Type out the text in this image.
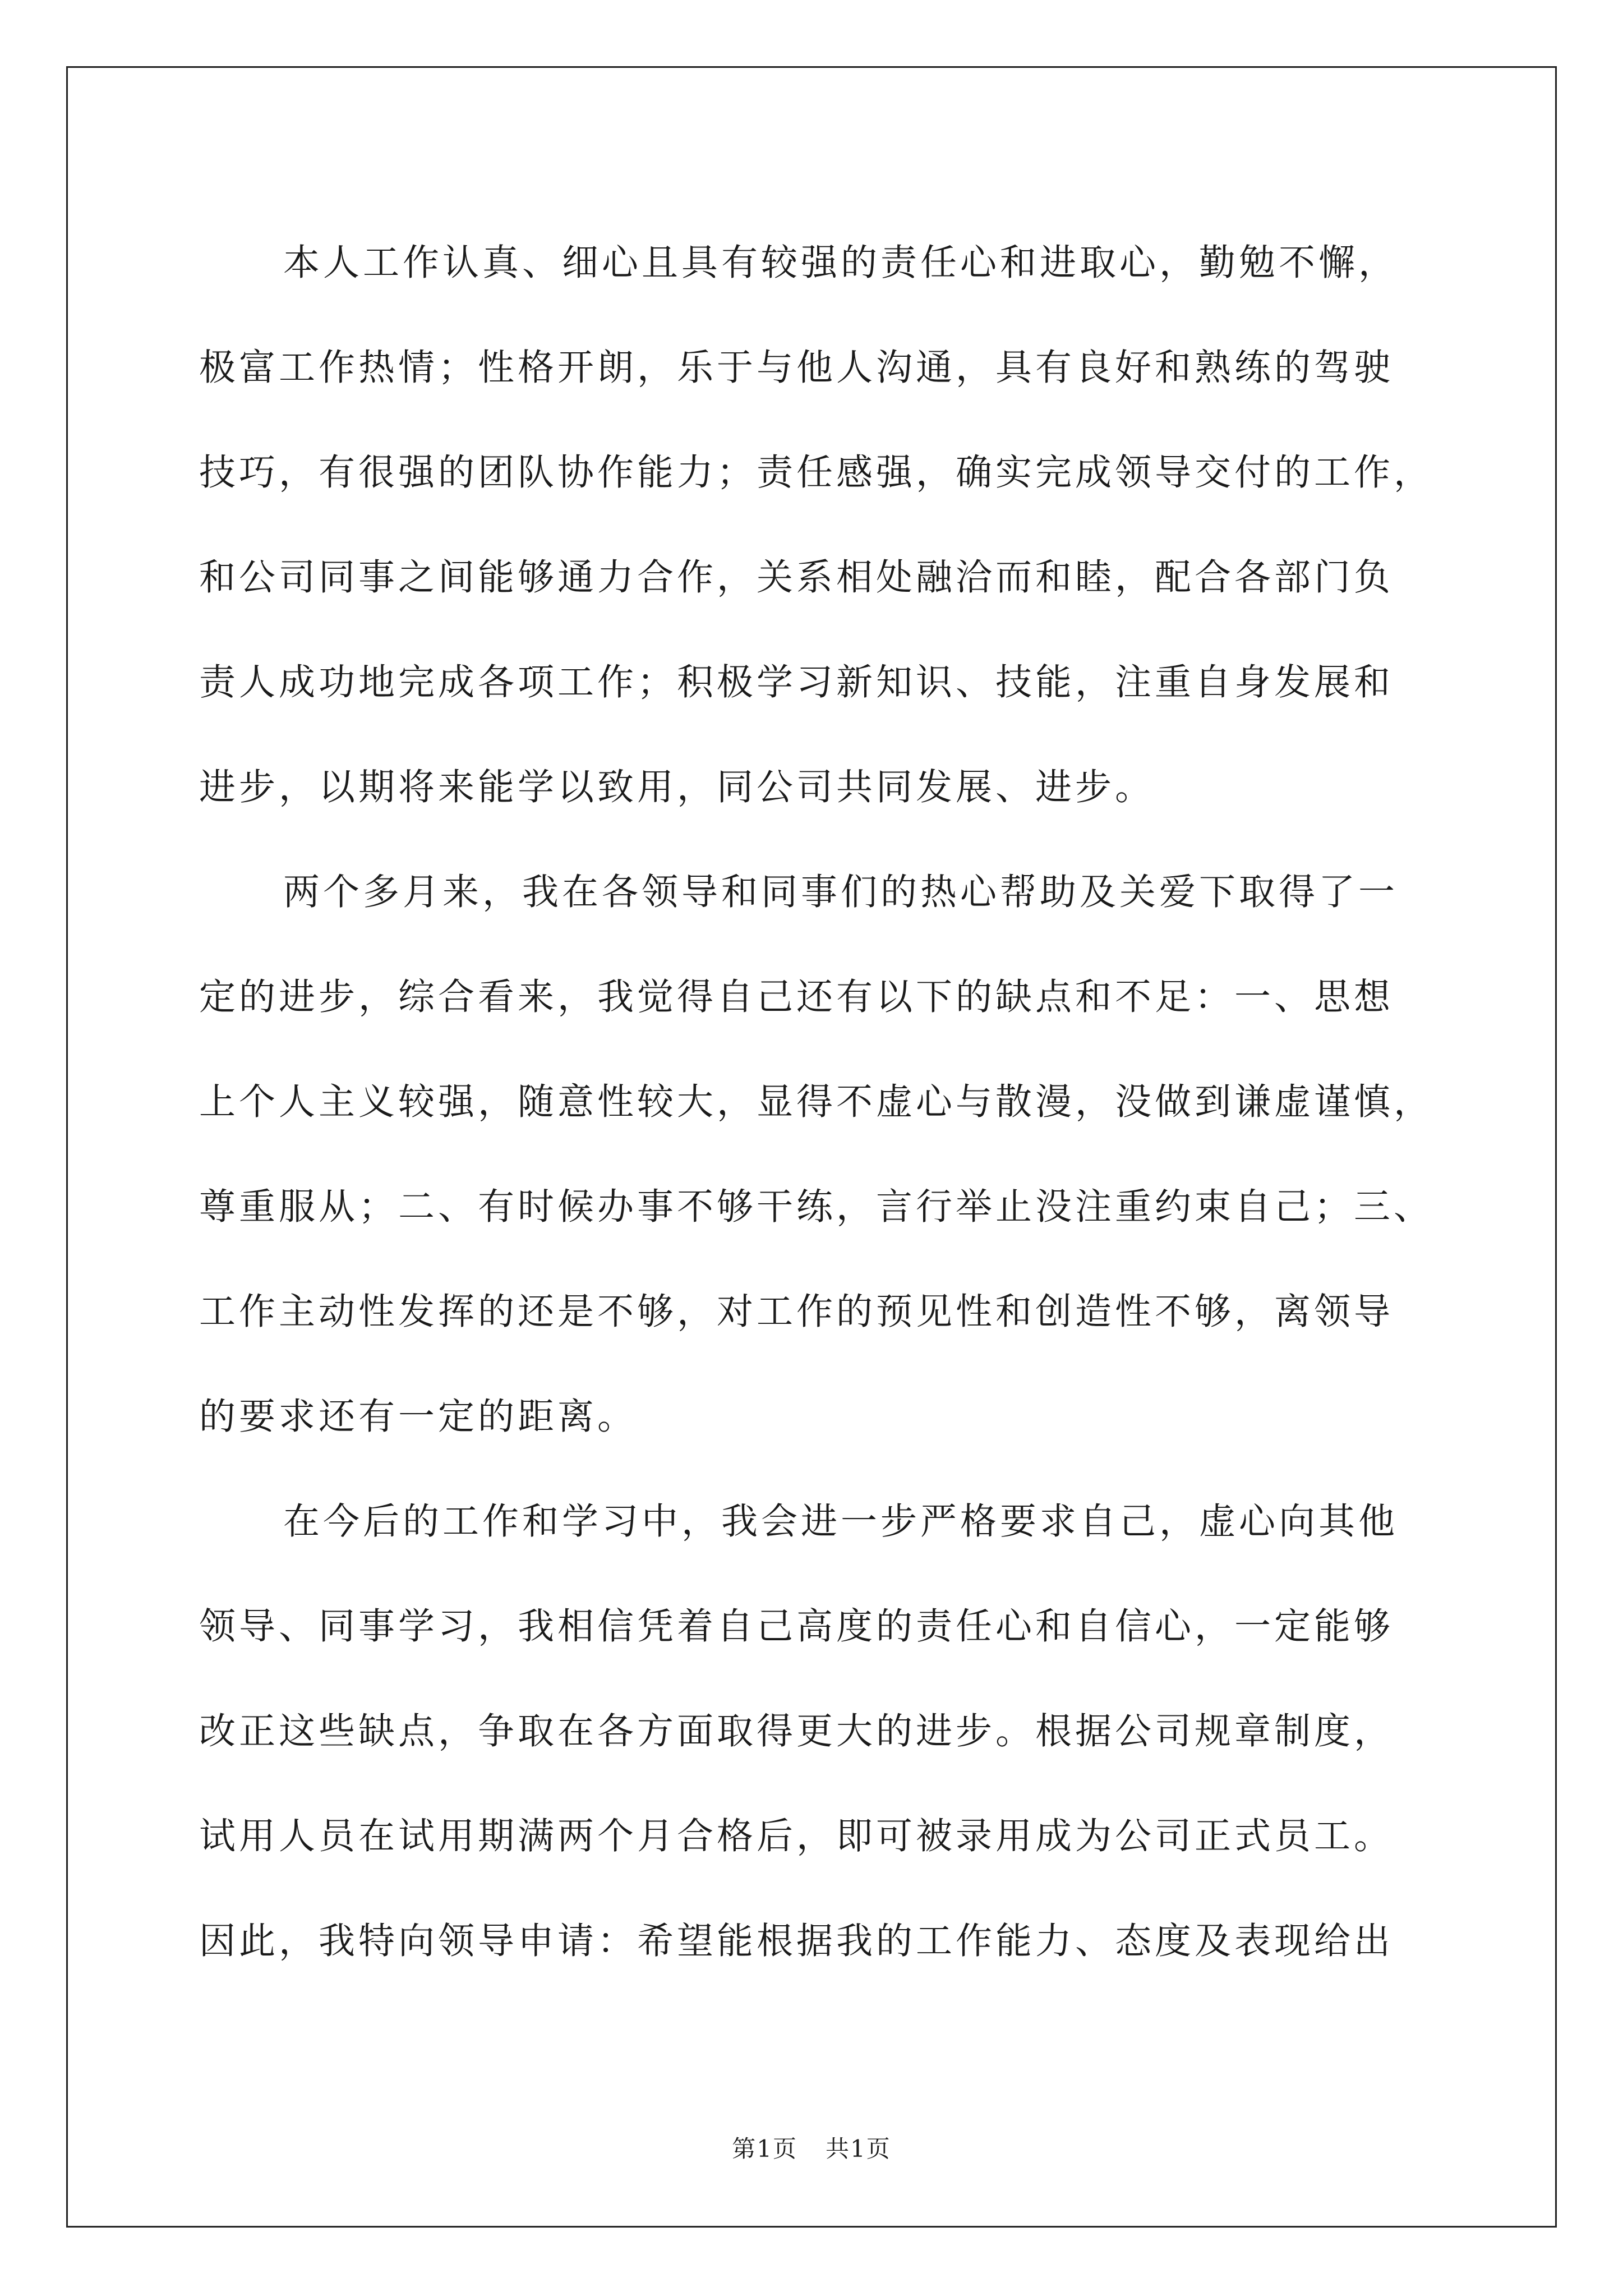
本人工作认真、细心且具有较强的责任心和进取心，勤勉不懈，
极富工作热情；性格开朗，乐于与他人沟通，具有良好和熟练的驾驶
技巧，有很强的团队协作能力；责任感强，确实完成领导交付的工作，
和公司同事之间能够通力合作，关系相处融洽而和睦，配合各部门负
责人成功地完成各项工作；积极学习新知识、技能，注重自身发展和
进步，以期将来能学以致用，同公司共同发展、进步。
两个多月来，我在各领导和同事们的热心帮助及关爱下取得了一
定的进步，综合看来，我觉得自己还有以下的缺点和不足：一、思想
上个人主义较强，随意性较大，显得不虚心与散漫，没做到谦虚谨慎，
尊重服从；二、有时候办事不够干练，言行举止没注重约束自己；三、
工作主动性发挥的还是不够，对工作的预见性和创造性不够，离领导
的要求还有一定的距离。
在今后的工作和学习中，我会进一步严格要求自己，虚心向其他
领导、同事学习，我相信凭着自己高度的责任心和自信心，一定能够
改正这些缺点，争取在各方面取得更大的进步。根据公司规章制度，
试用人员在试用期满两个月合格后，即可被录用成为公司正式员工。
因此，我特向领导申请：希望能根据我的工作能力、态度及表现给出
第1页 共1页
